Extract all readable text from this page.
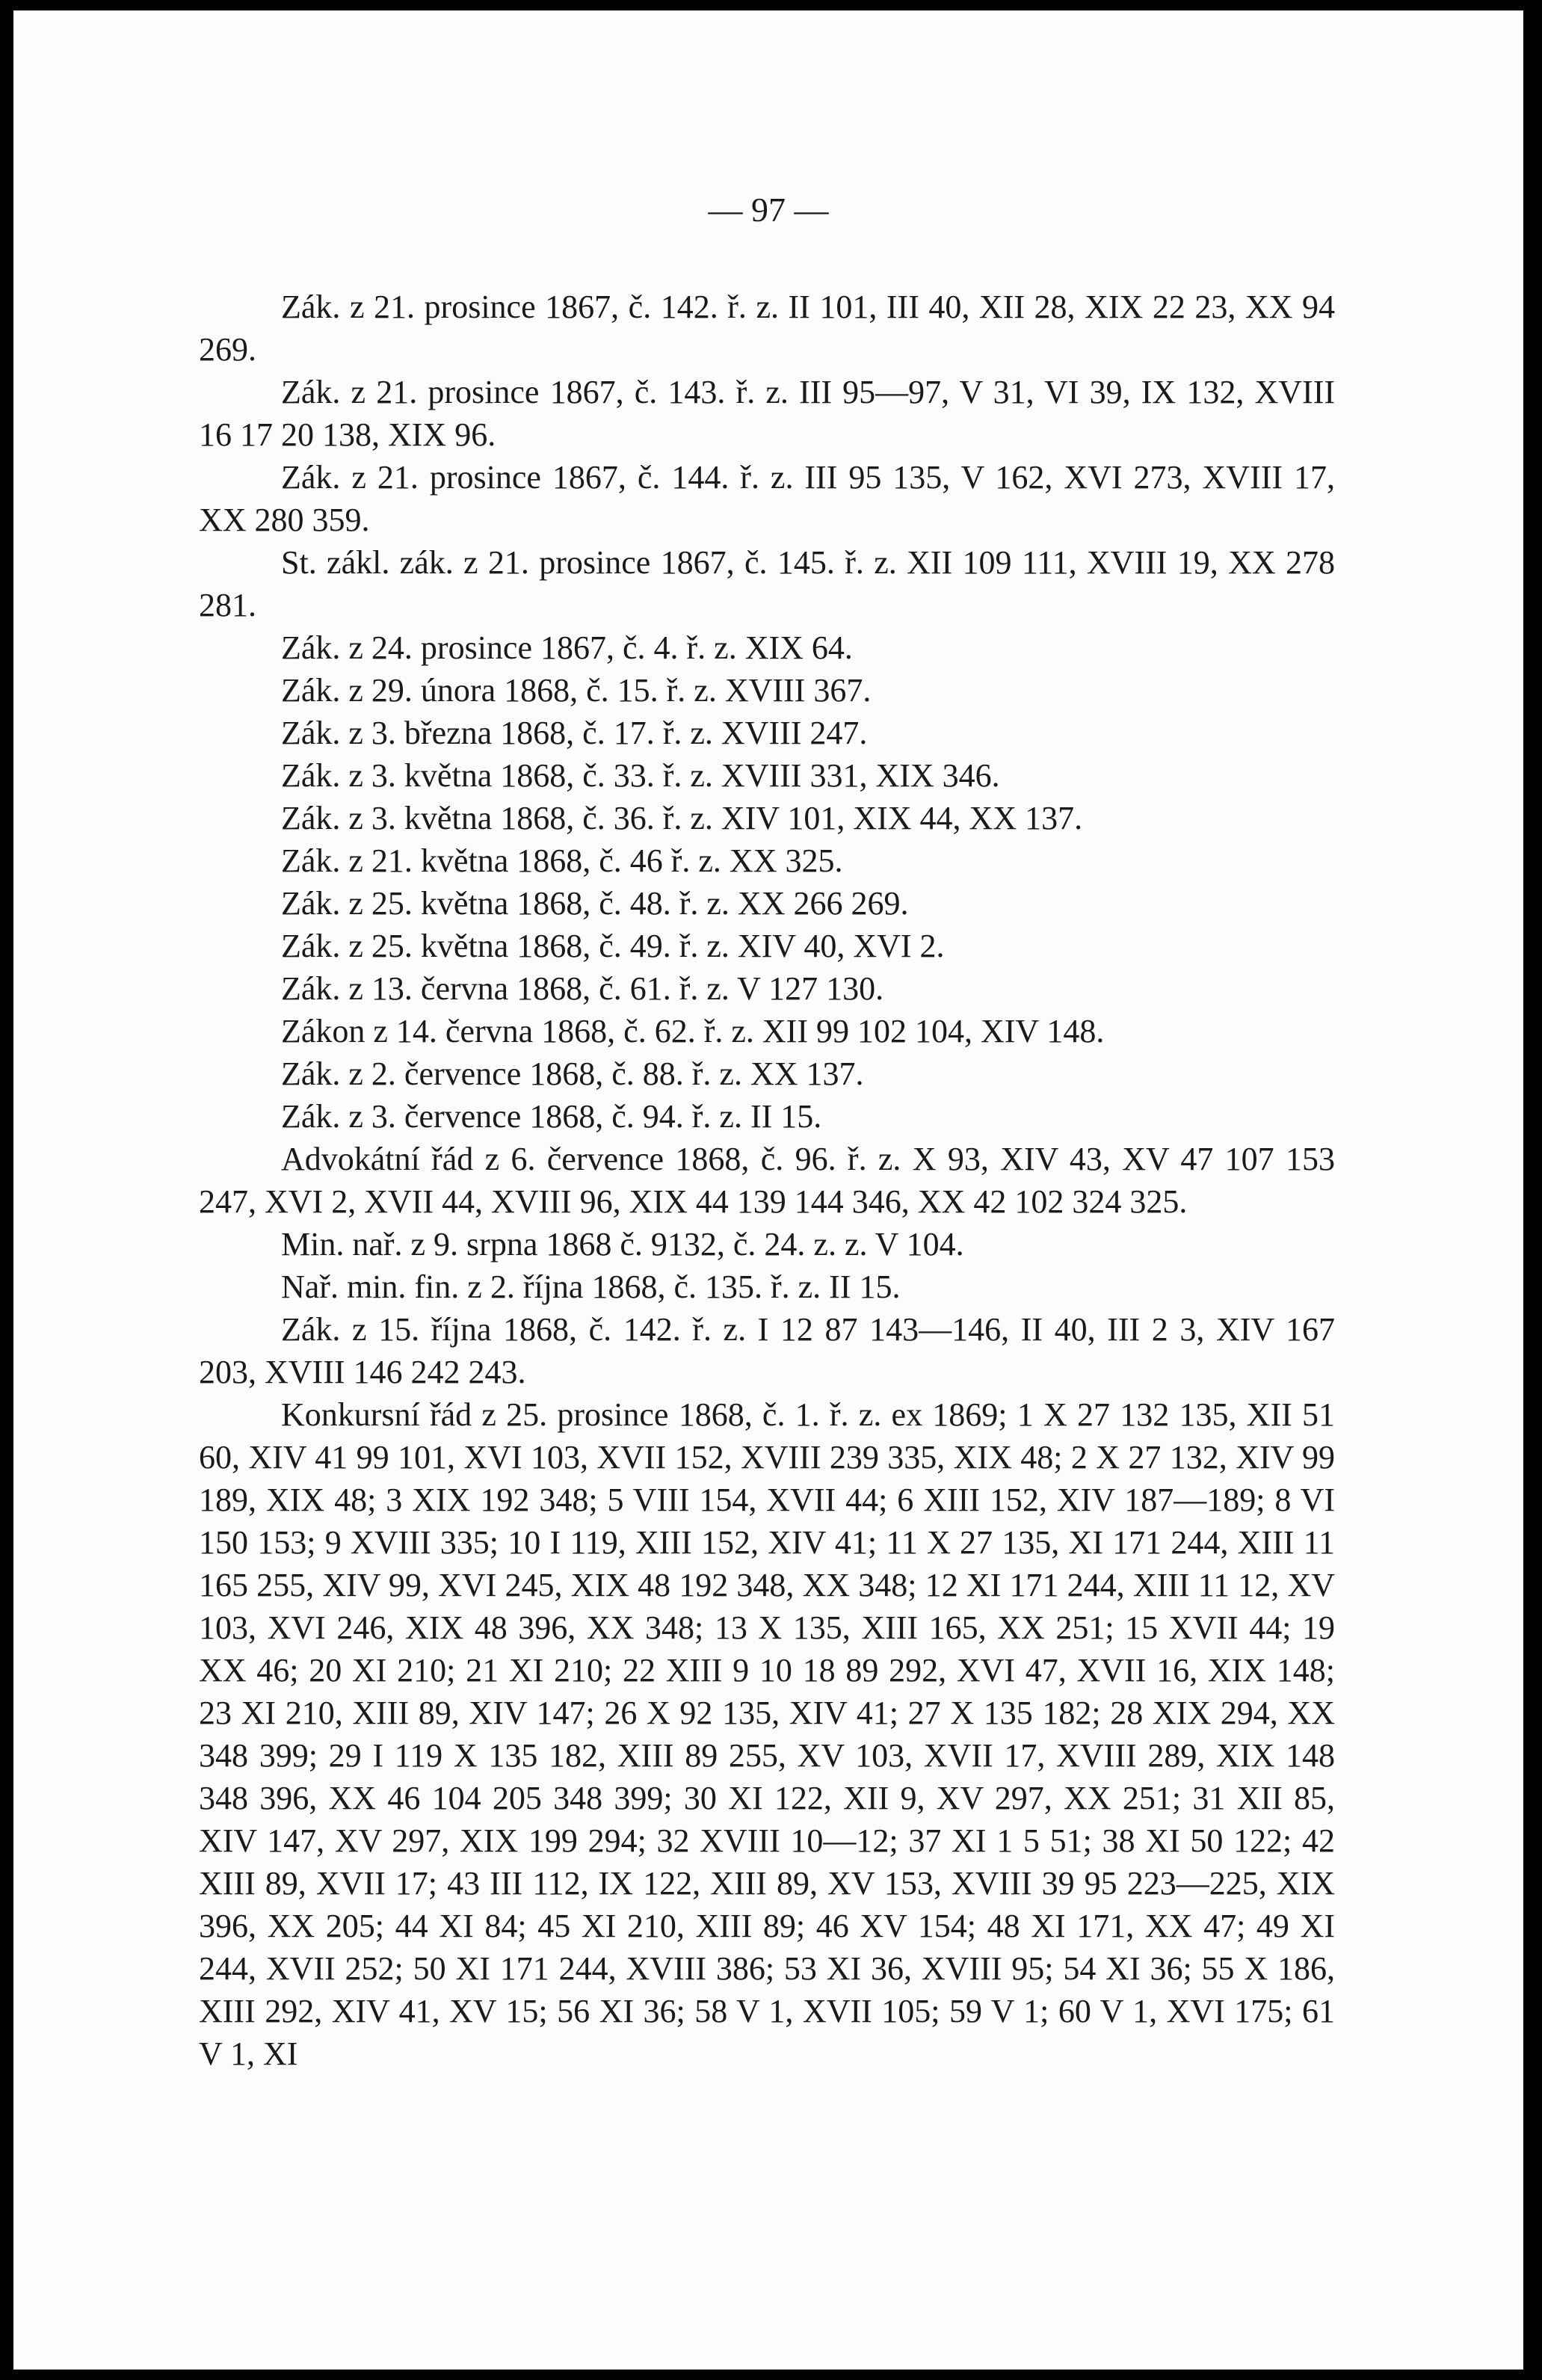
— 97 —

Zák. z 21. prosince 1867, č. 142. ř. z. II 101, III 40, XII 28, XIX 22 23, XX 94 269.

Zák. z 21. prosince 1867, č. 143. ř. z. III 95—97, V 31, VI 39, IX 132, XVIII 16 17 20 138, XIX 96.

Zák. z 21. prosince 1867, č. 144. ř. z. III 95 135, V 162, XVI 273, XVIII 17, XX 280 359.

St. zákl. zák. z 21. prosince 1867, č. 145. ř. z. XII 109 111, XVIII 19, XX 278 281.

Zák. z 24. prosince 1867, č. 4. ř. z. XIX 64.

Zák. z 29. února 1868, č. 15. ř. z. XVIII 367.

Zák. z 3. března 1868, č. 17. ř. z. XVIII 247.

Zák. z 3. května 1868, č. 33. ř. z. XVIII 331, XIX 346.

Zák. z 3. května 1868, č. 36. ř. z. XIV 101, XIX 44, XX 137.

Zák. z 21. května 1868, č. 46 ř. z. XX 325.

Zák. z 25. května 1868, č. 48. ř. z. XX 266 269.

Zák. z 25. května 1868, č. 49. ř. z. XIV 40, XVI 2.

Zák. z 13. června 1868, č. 61. ř. z. V 127 130.

Zákon z 14. června 1868, č. 62. ř. z. XII 99 102 104, XIV 148.

Zák. z 2. července 1868, č. 88. ř. z. XX 137.

Zák. z 3. července 1868, č. 94. ř. z. II 15.

Advokátní řád z 6. července 1868, č. 96. ř. z. X 93, XIV 43, XV 47 107 153 247, XVI 2, XVII 44, XVIII 96, XIX 44 139 144 346, XX 42 102 324 325.

Min. nař. z 9. srpna 1868 č. 9132, č. 24. z. z. V 104.

Nař. min. fin. z 2. října 1868, č. 135. ř. z. II 15.

Zák. z 15. října 1868, č. 142. ř. z. I 12 87 143—146, II 40, III 2 3, XIV 167 203, XVIII 146 242 243.

Konkursní řád z 25. prosince 1868, č. 1. ř. z. ex 1869; 1 X 27 132 135, XII 51 60, XIV 41 99 101, XVI 103, XVII 152, XVIII 239 335, XIX 48; 2 X 27 132, XIV 99 189, XIX 48; 3 XIX 192 348; 5 VIII 154, XVII 44; 6 XIII 152, XIV 187—189; 8 VI 150 153; 9 XVIII 335; 10 I 119, XIII 152, XIV 41; 11 X 27 135, XI 171 244, XIII 11 165 255, XIV 99, XVI 245, XIX 48 192 348, XX 348; 12 XI 171 244, XIII 11 12, XV 103, XVI 246, XIX 48 396, XX 348; 13 X 135, XIII 165, XX 251; 15 XVII 44; 19 XX 46; 20 XI 210; 21 XI 210; 22 XIII 9 10 18 89 292, XVI 47, XVII 16, XIX 148; 23 XI 210, XIII 89, XIV 147; 26 X 92 135, XIV 41; 27 X 135 182; 28 XIX 294, XX 348 399; 29 I 119 X 135 182, XIII 89 255, XV 103, XVII 17, XVIII 289, XIX 148 348 396, XX 46 104 205 348 399; 30 XI 122, XII 9, XV 297, XX 251; 31 XII 85, XIV 147, XV 297, XIX 199 294; 32 XVIII 10—12; 37 XI 1 5 51; 38 XI 50 122; 42 XIII 89, XVII 17; 43 III 112, IX 122, XIII 89, XV 153, XVIII 39 95 223—225, XIX 396, XX 205; 44 XI 84; 45 XI 210, XIII 89; 46 XV 154; 48 XI 171, XX 47; 49 XI 244, XVII 252; 50 XI 171 244, XVIII 386; 53 XI 36, XVIII 95; 54 XI 36; 55 X 186, XIII 292, XIV 41, XV 15; 56 XI 36; 58 V 1, XVII 105; 59 V 1; 60 V 1, XVI 175; 61 V 1, XI
